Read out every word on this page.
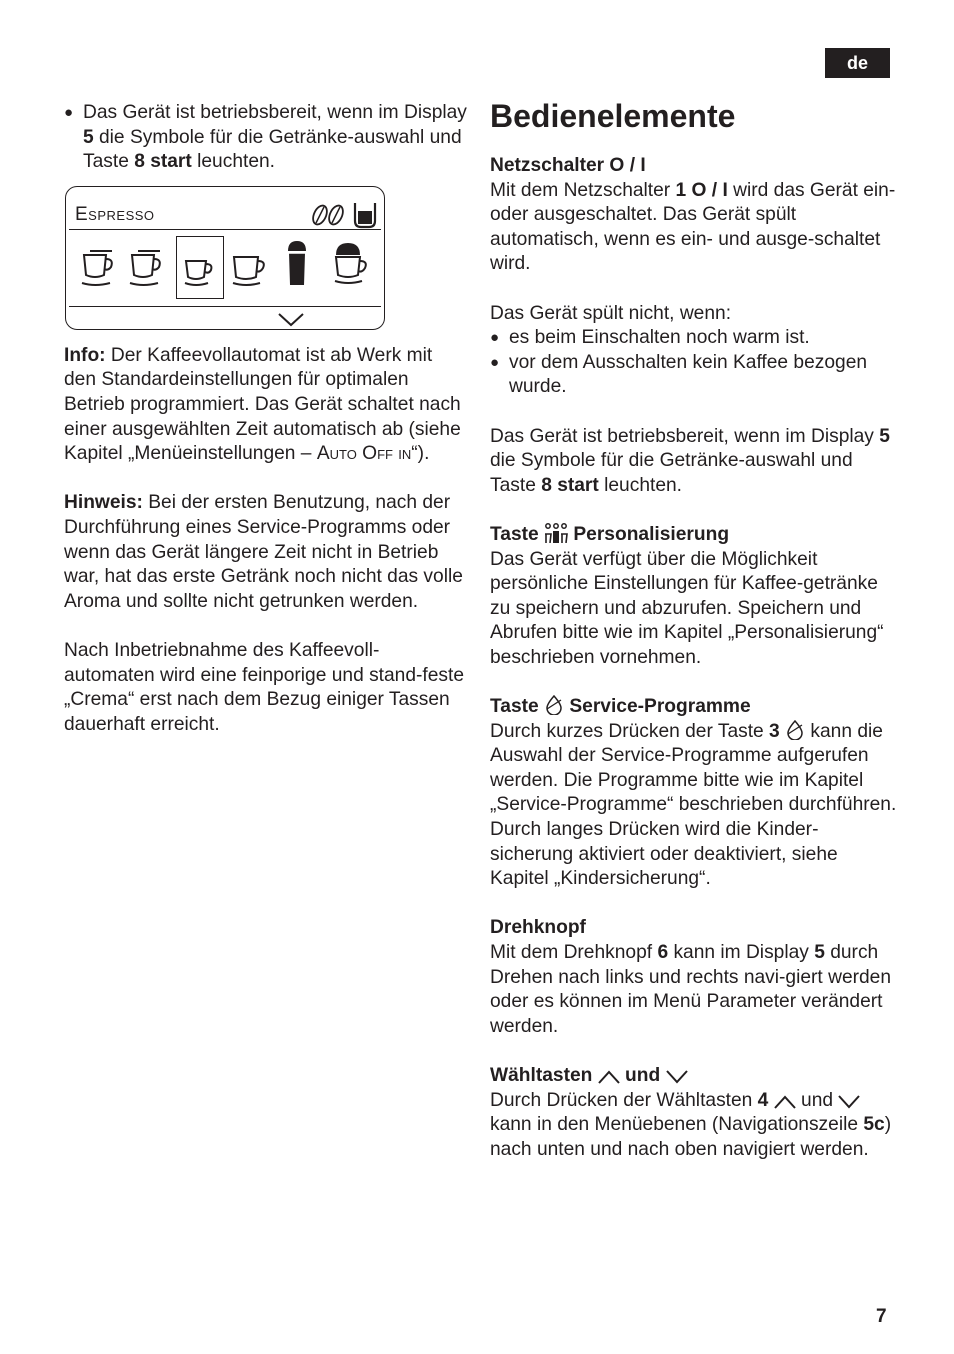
de

● Das Gerät ist betriebsbereit, wenn im Display 5 die Symbole für die Getränke-auswahl und Taste 8 start leuchten.

Espresso

Info: Der Kaffeevollautomat ist ab Werk mit den Standardeinstellungen für optimalen Betrieb programmiert. Das Gerät schaltet nach einer ausgewählten Zeit automatisch ab (siehe Kapitel „Menüeinstellungen – Auto Off in“).

Hinweis: Bei der ersten Benutzung, nach der Durchführung eines Service-Programms oder wenn das Gerät längere Zeit nicht in Betrieb war, hat das erste Getränk noch nicht das volle Aroma und sollte nicht getrunken werden.

Nach Inbetriebnahme des Kaffeevoll-automaten wird eine feinporige und stand-feste „Crema“ erst nach dem Bezug einiger Tassen dauerhaft erreicht.

Bedienelemente

Netzschalter O / I

Mit dem Netzschalter 1 O / I wird das Gerät ein- oder ausgeschaltet. Das Gerät spült automatisch, wenn es ein- und ausge-schaltet wird.

Das Gerät spült nicht, wenn:

● es beim Einschalten noch warm ist.

● vor dem Ausschalten kein Kaffee bezogen wurde.

Das Gerät ist betriebsbereit, wenn im Display 5 die Symbole für die Getränke-auswahl und Taste 8 start leuchten.

Taste  Personalisierung

Das Gerät verfügt über die Möglichkeit persönliche Einstellungen für Kaffee-getränke zu speichern und abzurufen. Speichern und Abrufen bitte wie im Kapitel „Personalisierung“ beschrieben vornehmen.

Taste  Service-Programme

Durch kurzes Drücken der Taste 3  kann die Auswahl der Service-Programme aufgerufen werden. Die Programme bitte wie im Kapitel „Service-Programme“ beschrieben durchführen.

Durch langes Drücken wird die Kinder-sicherung aktiviert oder deaktiviert, siehe Kapitel „Kindersicherung“.

Drehknopf

Mit dem Drehknopf 6 kann im Display 5 durch Drehen nach links und rechts navi-giert werden oder es können im Menü Parameter verändert werden.

Wähltasten  und

Durch Drücken der Wähltasten 4  und  kann in den Menüebenen (Navigationszeile 5c) nach unten und nach oben navigiert werden.

7
